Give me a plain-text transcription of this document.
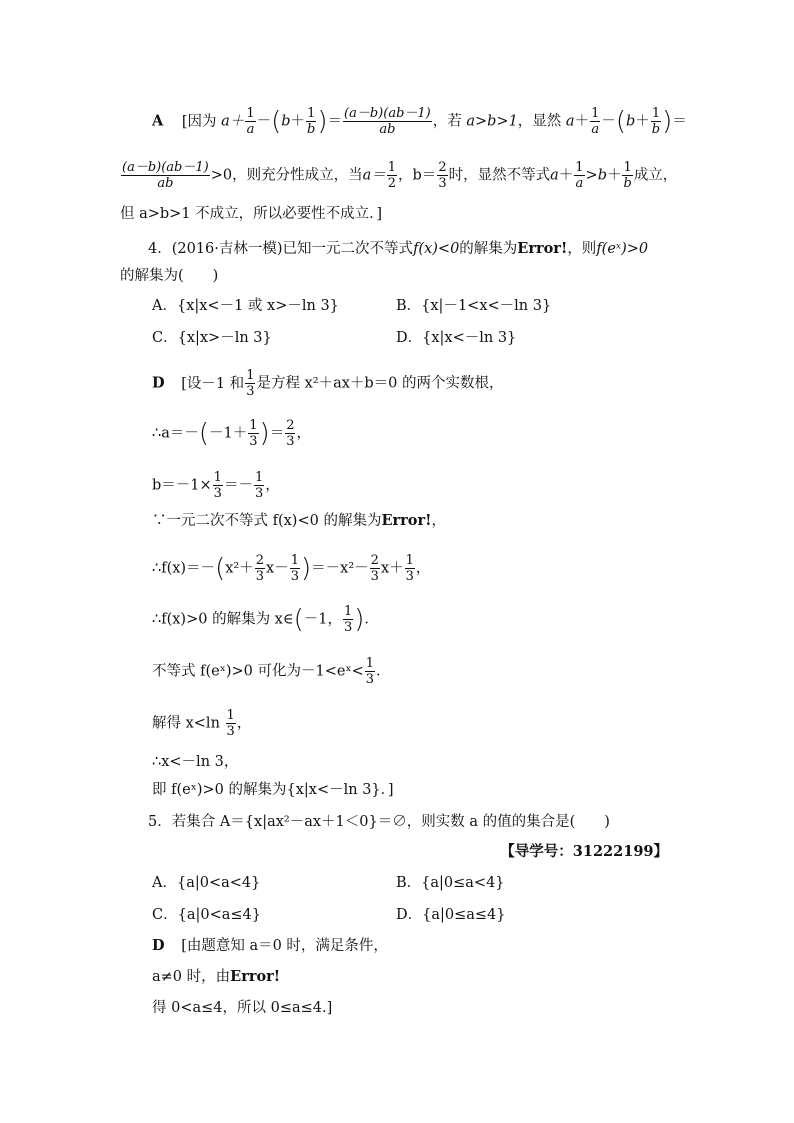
A [因为 $a+ \frac{1}{a} -(b+ \frac{1}{b}$ )＝ $\frac{(a-b)(ab-1)}{ab}$ ，若 a>b>1，显然 $a+ \frac{1}{a} -(b+ \frac{1}{b}$ )＝
$\frac{(a-b)(ab-1)}{ab} >0$，则充分性成立，当$a= \frac{1}{2}$ ，$b= \frac{2}{3}$ 时，显然不等式$a+ \frac{1}{a} >b+ \frac{1}{b}$ 成立，
但 a>b>1 不成立，所以必要性不成立．]
4．(2016·吉林一模)已知一元二次不等式f(x)<0的解集为Error!，则f(eˣ)>0
的解集为(　　)
A．{x|x<－1 或 x>－ln 3}	B．{x|－1<x<－ln 3}
C．{x|x>－ln 3}	D．{x|x<－ln 3}
D [设－1 和 $\frac{1}{3}$ 是方程 x²＋ax＋b＝0 的两个实数根，
∴a＝－(－1＋ $\frac{1}{3}$ )＝ $\frac{2}{3}$ ，
$b=-1\times \frac{1}{3} =- \frac{1}{3}$ ，
∵一元二次不等式 f(x)<0 的解集为Error!，
∴f(x)＝－(x²＋ $\frac{2}{3} x- \frac{1}{3} )=-x^2- \frac{2}{3} x+ \frac{1}{3}$ ，
∴f(x)>0 的解集为 x∈(－1， $\frac{1}{3}$ )．
不等式 f(eˣ)>0 可化为－1<eˣ< $\frac{1}{3}$ ．
解得 $x<\ln \frac{1}{3}$ ，
∴x<－ln 3，
即 f(eˣ)>0 的解集为{x|x<－ln 3}．]
5．若集合 A＝{x|ax²－ax＋1＜0}＝∅，则实数 a 的值的集合是(　　)
【导学号：31222199】
A．{a|0<a<4}	B．{a|0≤a<4}
C．{a|0<a≤4}	D．{a|0≤a≤4}
D [由题意知 a＝0 时，满足条件，
a≠0 时，由Error!
得 0<a≤4，所以 0≤a≤4.]
